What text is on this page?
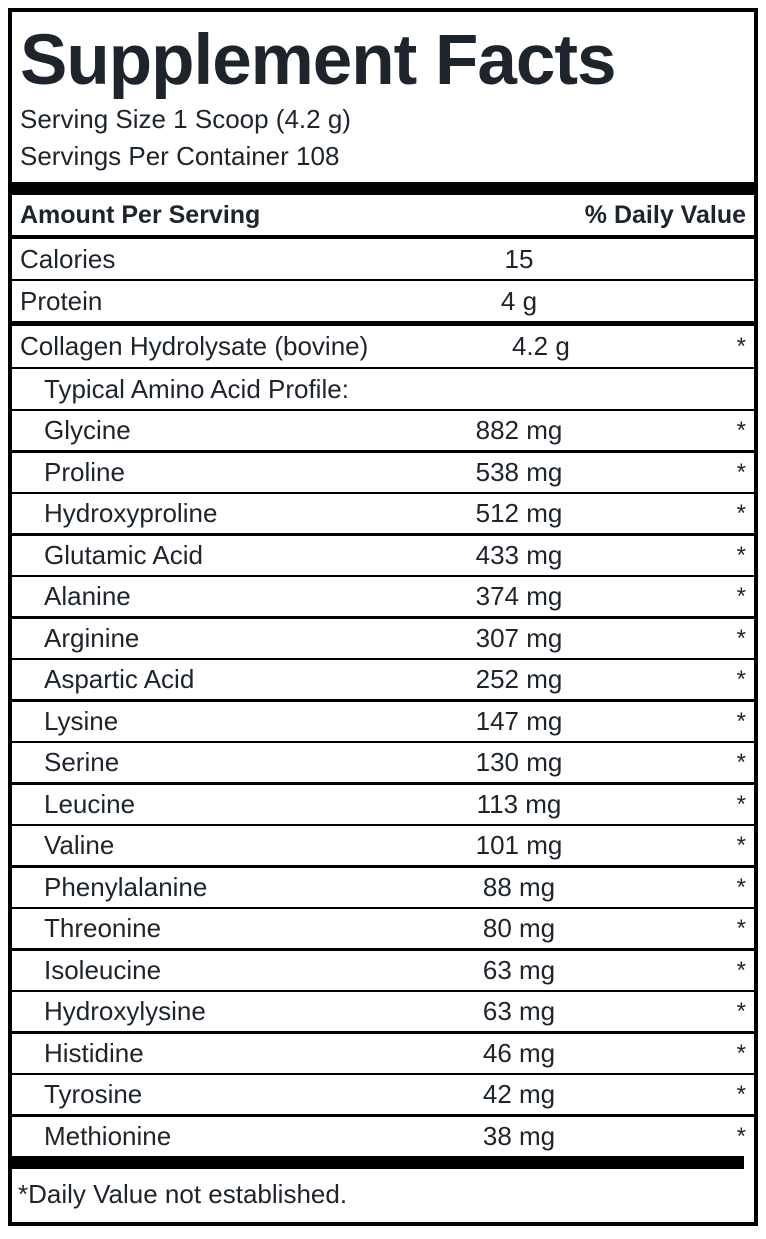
Supplement Facts
Serving Size 1 Scoop (4.2 g)
Servings Per Container 108
Amount Per Serving	% Daily Value
Calories	15
Protein	4 g
Collagen Hydrolysate (bovine)	4.2 g	*
Typical Amino Acid Profile:
Glycine	882 mg	*
Proline	538 mg	*
Hydroxyproline	512 mg	*
Glutamic Acid	433 mg	*
Alanine	374 mg	*
Arginine	307 mg	*
Aspartic Acid	252 mg	*
Lysine	147 mg	*
Serine	130 mg	*
Leucine	113 mg	*
Valine	101 mg	*
Phenylalanine	88 mg	*
Threonine	80 mg	*
Isoleucine	63 mg	*
Hydroxylysine	63 mg	*
Histidine	46 mg	*
Tyrosine	42 mg	*
Methionine	38 mg	*
*Daily Value not established.
